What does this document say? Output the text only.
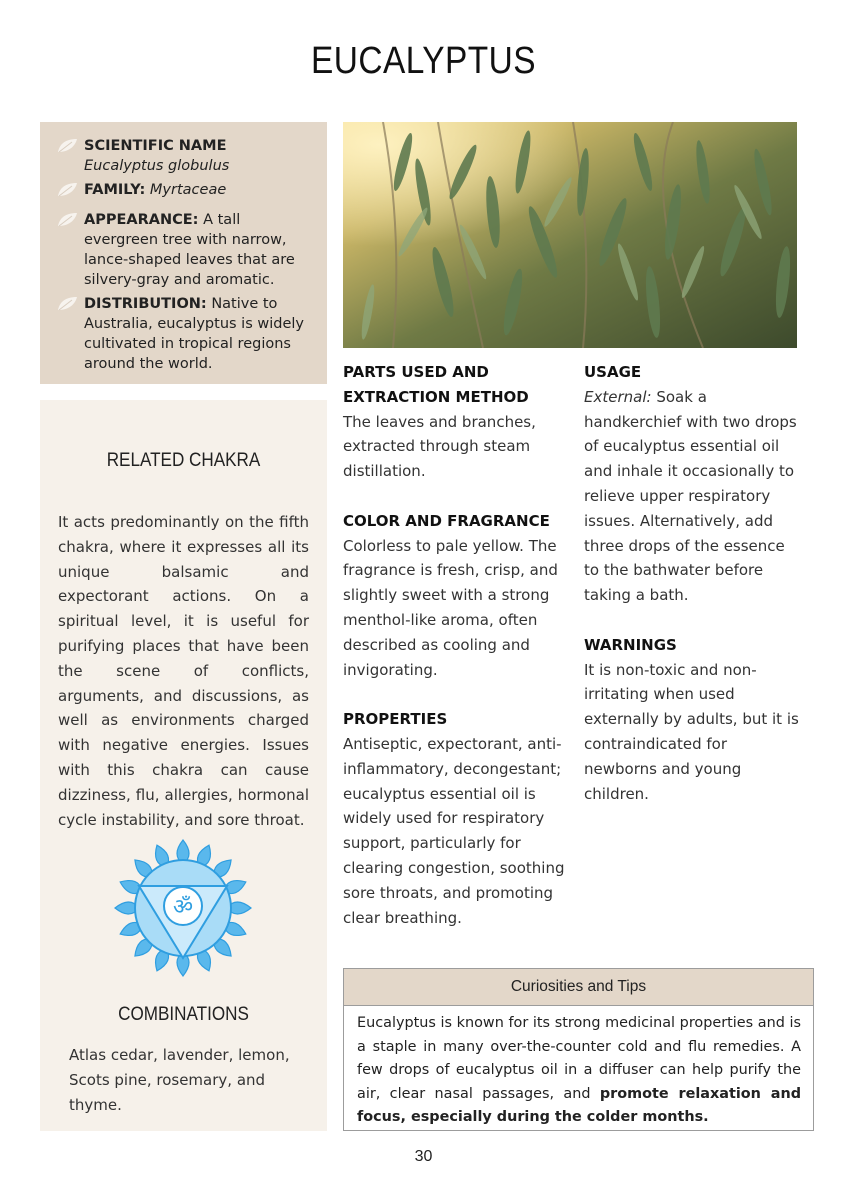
EUCALYPTUS
SCIENTIFIC NAME
Eucalyptus globulus
FAMILY: Myrtaceae
APPEARANCE: A tall evergreen tree with narrow, lance-shaped leaves that are silvery-gray and aromatic.
DISTRIBUTION: Native to Australia, eucalyptus is widely cultivated in tropical regions around the world.
RELATED CHAKRA
It acts predominantly on the fifth chakra, where it expresses all its unique balsamic and expectorant actions. On a spiritual level, it is useful for purifying places that have been the scene of conflicts, arguments, and discussions, as well as environments charged with negative energies. Issues with this chakra can cause dizziness, flu, allergies, hormonal cycle instability, and sore throat.
ॐ
COMBINATIONS
Atlas cedar, lavender, lemon, Scots pine, rosemary, and thyme.
PARTS USED AND EXTRACTION METHOD
The leaves and branches, extracted through steam distillation.
COLOR AND FRAGRANCE
Colorless to pale yellow. The fragrance is fresh, crisp, and slightly sweet with a strong menthol-like aroma, often described as cooling and invigorating.
PROPERTIES
Antiseptic, expectorant, anti-inflammatory, decongestant; eucalyptus essential oil is widely used for respiratory support, particularly for clearing congestion, soothing sore throats, and promoting clear breathing.
USAGE
External: Soak a handkerchief with two drops of eucalyptus essential oil and inhale it occasionally to relieve upper respiratory issues. Alternatively, add three drops of the essence to the bathwater before taking a bath.
WARNINGS
It is non-toxic and non-irritating when used externally by adults, but it is contraindicated for newborns and young children.
Curiosities and Tips
Eucalyptus is known for its strong medicinal properties and is a staple in many over-the-counter cold and flu remedies. A few drops of eucalyptus oil in a diffuser can help purify the air, clear nasal passages, and promote relaxation and focus, especially during the colder months.
30
